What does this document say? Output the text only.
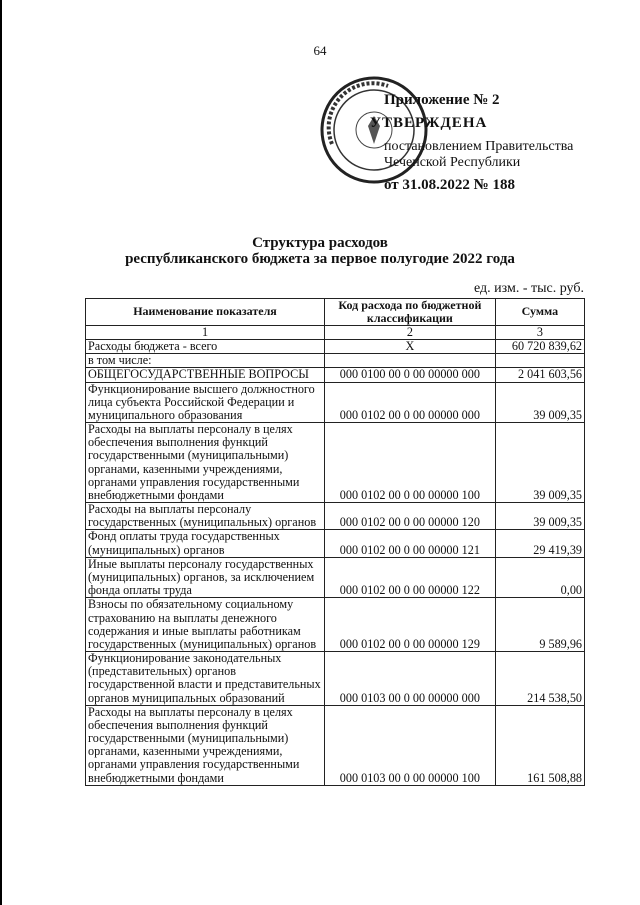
64
Приложение № 2
УТВЕРЖДЕНА
постановлением Правительства
Чеченской Республики
от 31.08.2022 № 188
Структура расходов
республиканского бюджета за первое полугодие 2022 года
ед. изм. - тыс. руб.
Наименование показателя	Код расхода по бюджетной классификации	Сумма
1	2	3
Расходы бюджета - всего	X	60 720 839,62
в том числе:		
ОБЩЕГОСУДАРСТВЕННЫЕ ВОПРОСЫ	000 0100 00 0 00 00000 000	2 041 603,56
Функционирование высшего должностного лица субъекта Российской Федерации и муниципального образования	000 0102 00 0 00 00000 000	39 009,35
Расходы на выплаты персоналу в целях обеспечения выполнения функций государственными (муниципальными) органами, казенными учреждениями, органами управления государственными внебюджетными фондами	000 0102 00 0 00 00000 100	39 009,35
Расходы на выплаты персоналу государственных (муниципальных) органов	000 0102 00 0 00 00000 120	39 009,35
Фонд оплаты труда государственных (муниципальных) органов	000 0102 00 0 00 00000 121	29 419,39
Иные выплаты персоналу государственных (муниципальных) органов, за исключением фонда оплаты труда	000 0102 00 0 00 00000 122	0,00
Взносы по обязательному социальному страхованию на выплаты денежного содержания и иные выплаты работникам государственных (муниципальных) органов	000 0102 00 0 00 00000 129	9 589,96
Функционирование законодательных (представительных) органов государственной власти и представительных органов муниципальных образований	000 0103 00 0 00 00000 000	214 538,50
Расходы на выплаты персоналу в целях обеспечения выполнения функций государственными (муниципальными) органами, казенными учреждениями, органами управления государственными внебюджетными фондами	000 0103 00 0 00 00000 100	161 508,88
